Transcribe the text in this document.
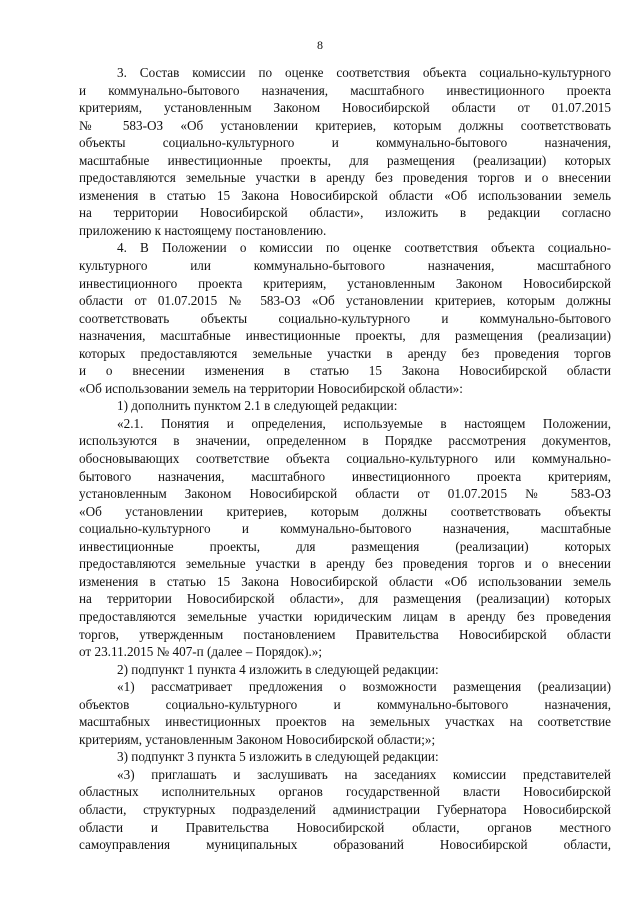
8
3. Состав комиссии по оценке соответствия объекта социально-культурного
и коммунально-бытового назначения, масштабного инвестиционного проекта
критериям, установленным Законом Новосибирской области от 01.07.2015
№ 583-ОЗ «Об установлении критериев, которым должны соответствовать
объекты социально-культурного и коммунально-бытового назначения,
масштабные инвестиционные проекты, для размещения (реализации) которых
предоставляются земельные участки в аренду без проведения торгов и о внесении
изменения в статью 15 Закона Новосибирской области «Об использовании земель
на территории Новосибирской области», изложить в редакции согласно
приложению к настоящему постановлению.
4. В Положении о комиссии по оценке соответствия объекта социально-
культурного или коммунально-бытового назначения, масштабного
инвестиционного проекта критериям, установленным Законом Новосибирской
области от 01.07.2015 № 583-ОЗ «Об установлении критериев, которым должны
соответствовать объекты социально-культурного и коммунально-бытового
назначения, масштабные инвестиционные проекты, для размещения (реализации)
которых предоставляются земельные участки в аренду без проведения торгов
и о внесении изменения в статью 15 Закона Новосибирской области
«Об использовании земель на территории Новосибирской области»:
1) дополнить пунктом 2.1 в следующей редакции:
«2.1. Понятия и определения, используемые в настоящем Положении,
используются в значении, определенном в Порядке рассмотрения документов,
обосновывающих соответствие объекта социально-культурного или коммунально-
бытового назначения, масштабного инвестиционного проекта критериям,
установленным Законом Новосибирской области от 01.07.2015 № 583-ОЗ
«Об установлении критериев, которым должны соответствовать объекты
социально-культурного и коммунально-бытового назначения, масштабные
инвестиционные проекты, для размещения (реализации) которых
предоставляются земельные участки в аренду без проведения торгов и о внесении
изменения в статью 15 Закона Новосибирской области «Об использовании земель
на территории Новосибирской области», для размещения (реализации) которых
предоставляются земельные участки юридическим лицам в аренду без проведения
торгов, утвержденным постановлением Правительства Новосибирской области
от 23.11.2015 № 407-п (далее – Порядок).»;
2) подпункт 1 пункта 4 изложить в следующей редакции:
«1) рассматривает предложения о возможности размещения (реализации)
объектов социально-культурного и коммунально-бытового назначения,
масштабных инвестиционных проектов на земельных участках на соответствие
критериям, установленным Законом Новосибирской области;»;
3) подпункт 3 пункта 5 изложить в следующей редакции:
«3) приглашать и заслушивать на заседаниях комиссии представителей
областных исполнительных органов государственной власти Новосибирской
области, структурных подразделений администрации Губернатора Новосибирской
области и Правительства Новосибирской области, органов местного
самоуправления муниципальных образований Новосибирской области,
